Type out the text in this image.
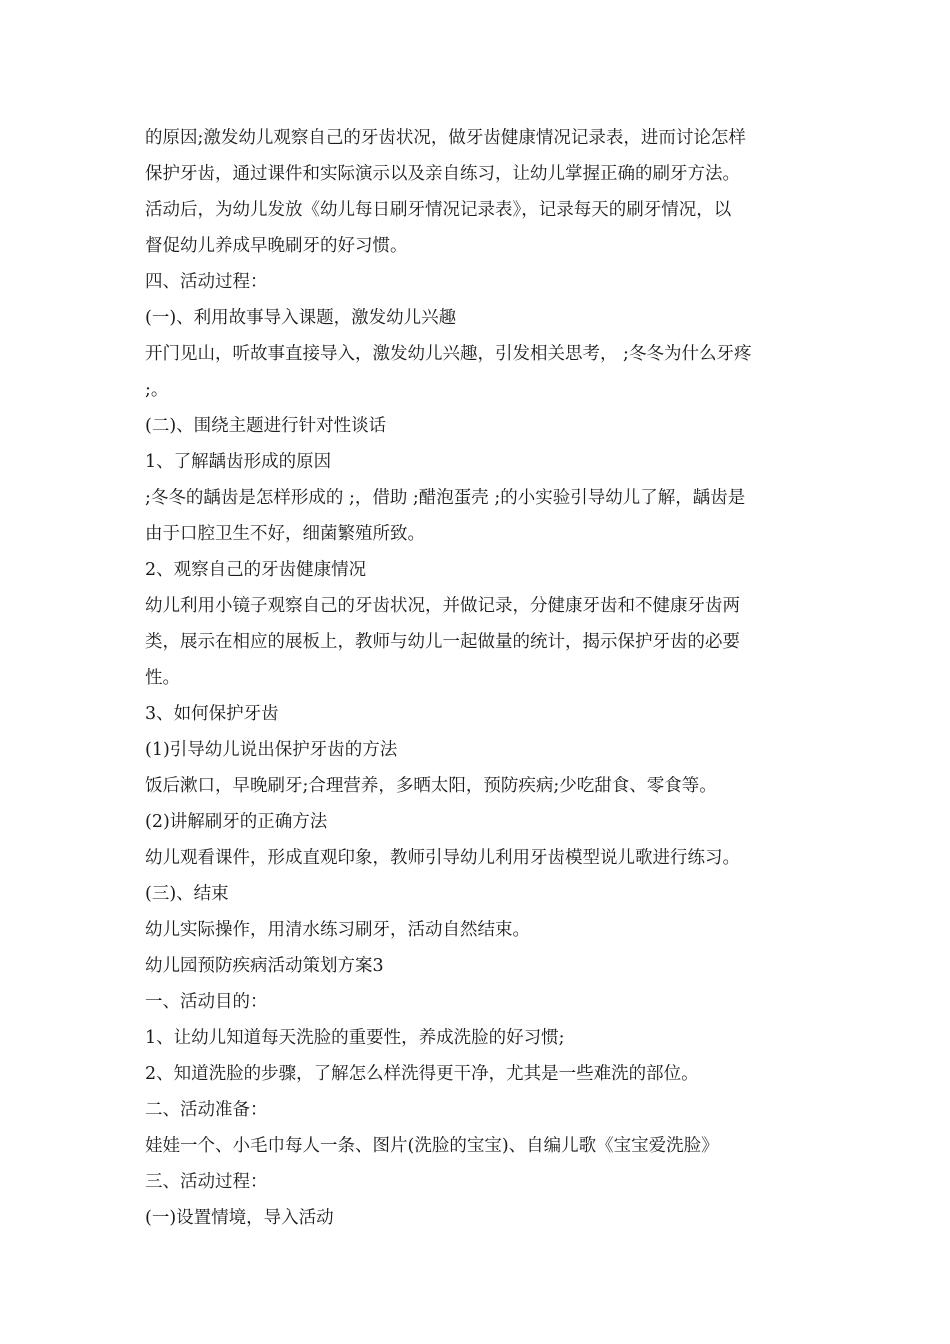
的原因;激发幼儿观察自己的牙齿状况，做牙齿健康情况记录表，进而讨论怎样

保护牙齿，通过课件和实际演示以及亲自练习，让幼儿掌握正确的刷牙方法。

活动后，为幼儿发放《幼儿每日刷牙情况记录表》，记录每天的刷牙情况，以

督促幼儿养成早晚刷牙的好习惯。

四、活动过程：

(一)、利用故事导入课题，激发幼儿兴趣

开门见山，听故事直接导入，激发幼儿兴趣，引发相关思考， ;冬冬为什么牙疼

;。

(二)、围绕主题进行针对性谈话

1、了解龋齿形成的原因

;冬冬的龋齿是怎样形成的 ;，借助 ;醋泡蛋壳 ;的小实验引导幼儿了解，龋齿是

由于口腔卫生不好，细菌繁殖所致。

2、观察自己的牙齿健康情况

幼儿利用小镜子观察自己的牙齿状况，并做记录，分健康牙齿和不健康牙齿两

类，展示在相应的展板上，教师与幼儿一起做量的统计，揭示保护牙齿的必要

性。

3、如何保护牙齿

(1)引导幼儿说出保护牙齿的方法

饭后漱口，早晚刷牙;合理营养，多晒太阳，预防疾病;少吃甜食、零食等。

(2)讲解刷牙的正确方法

幼儿观看课件，形成直观印象，教师引导幼儿利用牙齿模型说儿歌进行练习。

(三)、结束

幼儿实际操作，用清水练习刷牙，活动自然结束。

幼儿园预防疾病活动策划方案3

一、活动目的：

1、让幼儿知道每天洗脸的重要性，养成洗脸的好习惯;

2、知道洗脸的步骤，了解怎么样洗得更干净，尤其是一些难洗的部位。

二、活动准备：

娃娃一个、小毛巾每人一条、图片(洗脸的宝宝)、自编儿歌《宝宝爱洗脸》

三、活动过程：

(一)设置情境，导入活动
